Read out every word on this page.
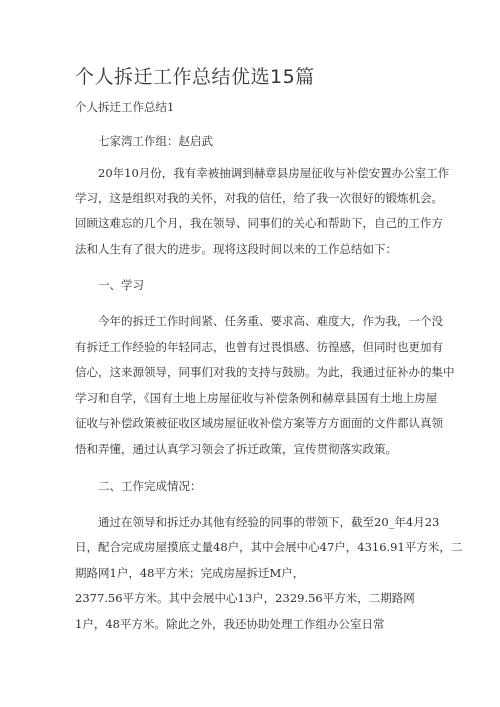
个人拆迁工作总结优选15篇
个人拆迁工作总结1
七家湾工作组：赵启武
20年10月份，我有幸被抽调到赫章县房屋征收与补偿安置办公室工作
学习，这是组织对我的关怀，对我的信任，给了我一次很好的锻炼机会。
回顾这难忘的几个月，我在领导、同事们的关心和帮助下，自己的工作方
法和人生有了很大的进步。现将这段时间以来的工作总结如下：
一、学习
今年的拆迁工作时间紧、任务重、要求高、难度大，作为我，一个没
有拆迁工作经验的年轻同志，也曾有过畏惧感、彷徨感，但同时也更加有
信心，这来源领导，同事们对我的支持与鼓励。为此，我通过征补办的集中
学习和自学，《国有土地上房屋征收与补偿条例和赫章县国有土地上房屋
征收与补偿政策被征收区域房屋征收补偿方案等方方面面的文件都认真领
悟和弄懂，通过认真学习领会了拆迁政策，宣传贯彻落实政策。
二、工作完成情况：
通过在领导和拆迁办其他有经验的同事的带领下，截至20_年4月23
日，配合完成房屋摸底丈量48户，其中会展中心47户，4316.91平方米，二
期路网1户，48平方米；完成房屋拆迁M户，
2377.56平方米。其中会展中心13户，2329.56平方米，二期路网
1户，48平方米。除此之外，我还协助处理工作组办公室日常
